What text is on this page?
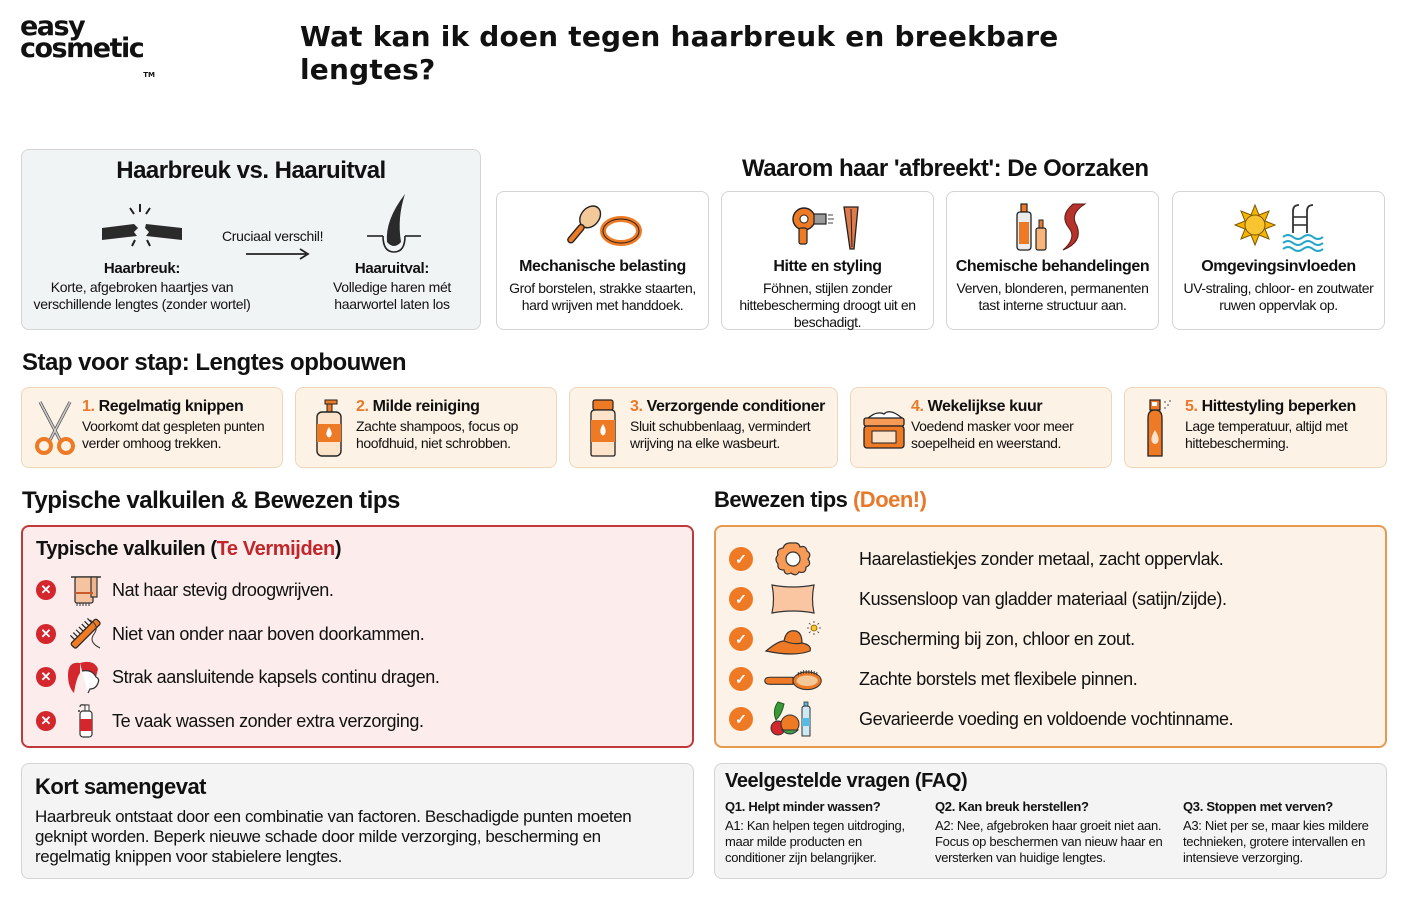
easy
cosmeticTM
Wat kan ik doen tegen haarbreuk en breekbare lengtes?
Haarbreuk vs. Haaruitval
Cruciaal verschil!
Haarbreuk:
Korte, afgebroken haartjes van
verschillende lengtes (zonder wortel)
Haaruitval:
Volledige haren mét
haarwortel laten los
Waarom haar 'afbreekt': De Oorzaken
Mechanische belasting
Grof borstelen, strakke staarten, hard wrijven met handdoek.
Hitte en styling
Föhnen, stijlen zonder hittebescherming droogt uit en beschadigt.
Chemische behandelingen
Verven, blonderen, permanenten tast interne structuur aan.
Omgevingsinvloeden
UV-straling, chloor- en zoutwater ruwen oppervlak op.
Stap voor stap: Lengtes opbouwen
1. Regelmatig knippen
Voorkomt dat gespleten punten verder omhoog trekken.
2. Milde reiniging
Zachte shampoos, focus op hoofdhuid, niet schrobben.
3. Verzorgende conditioner
Sluit schubbenlaag, vermindert wrijving na elke wasbeurt.
4. Wekelijkse kuur
Voedend masker voor meer soepelheid en weerstand.
5. Hittestyling beperken
Lage temperatuur, altijd met hittebescherming.
Typische valkuilen & Bewezen tips
Typische valkuilen (Te Vermijden)
✕	Nat haar stevig droogwrijven.
✕	Niet van onder naar boven doorkammen.
✕	Strak aansluitende kapsels continu dragen.
✕	Te vaak wassen zonder extra verzorging.
Bewezen tips (Doen!)
✓	Haarelastiekjes zonder metaal, zacht oppervlak.
✓	Kussensloop van gladder materiaal (satijn/zijde).
✓	Bescherming bij zon, chloor en zout.
✓	Zachte borstels met flexibele pinnen.
✓	Gevarieerde voeding en voldoende vochtinname.
Kort samengevat
Haarbreuk ontstaat door een combinatie van factoren. Beschadigde punten moeten geknipt worden. Beperk nieuwe schade door milde verzorging, bescherming en regelmatig knippen voor stabielere lengtes.
Veelgestelde vragen (FAQ)
Q1. Helpt minder wassen?
A1: Kan helpen tegen uitdroging, maar milde producten en conditioner zijn belangrijker.
Q2. Kan breuk herstellen?
A2: Nee, afgebroken haar groeit niet aan. Focus op beschermen van nieuw haar en versterken van huidige lengtes.
Q3. Stoppen met verven?
A3: Niet per se, maar kies mildere technieken, grotere intervallen en intensieve verzorging.
